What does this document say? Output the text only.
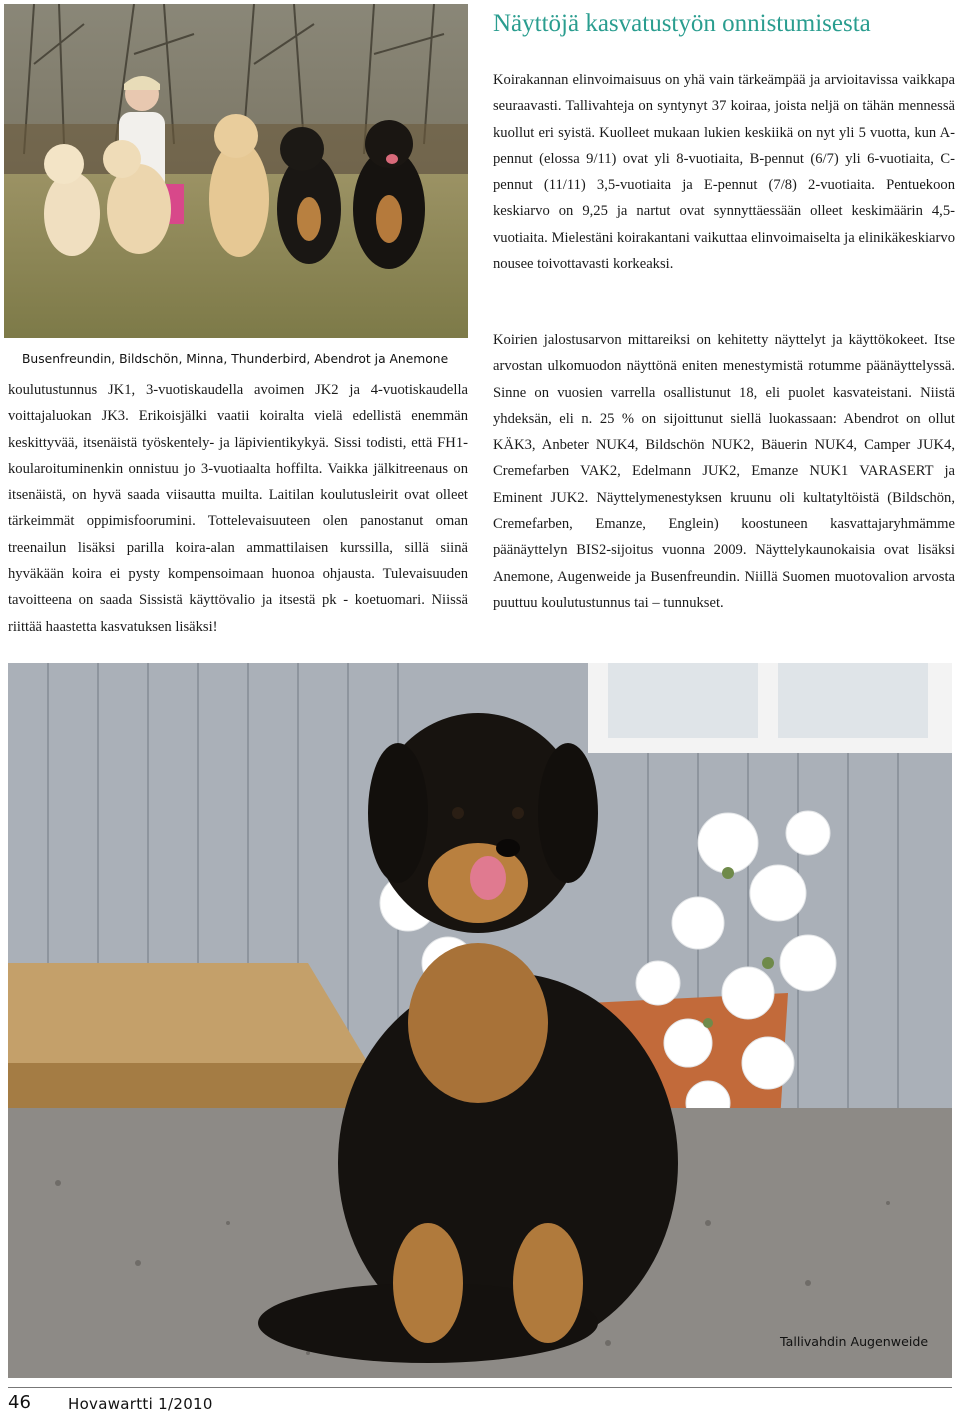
Näyttöjä kasvatustyön onnistumisesta

Koirakannan elinvoimaisuus on yhä vain tärkeämpää ja arvioitavissa vaikkapa seuraavasti. Tallivahteja on syntynyt 37 koiraa, joista neljä on tähän mennessä kuollut eri syistä. Kuolleet mukaan lukien keskiikä on nyt yli 5 vuotta, kun A-pennut (elossa 9/11) ovat yli 8-vuotiaita, B-pennut (6/7) yli 6-vuotiaita, C-pennut (11/11) 3,5-vuotiaita ja E-pennut (7/8) 2-vuotiaita. Pentuekoon keskiarvo on 9,25 ja nartut ovat synnyttäessään olleet keskimäärin 4,5-vuotiaita. Mielestäni koirakantani vaikuttaa elinvoimaiselta ja elinikäkeskiarvo nousee toivottavasti korkeaksi.

Busenfreundin, Bildschön, Minna, Thunderbird, Abendrot ja Anemone

koulutustunnus JK1, 3-vuotiskaudella avoimen JK2 ja 4-vuotiskaudella voittajaluokan JK3. Erikoisjälki vaatii koiralta vielä edellistä enemmän keskittyvää, itsenäistä työskentely- ja läpivientikykyä. Sissi todisti, että FH1-koularoituminenkin onnistuu jo 3-vuotiaalta hoffilta. Vaikka jälkitreenaus on itsenäistä, on hyvä saada viisautta muilta. Laitilan koulutusleirit ovat olleet tärkeimmät oppimisfoorumini. Tottelevaisuuteen olen panostanut oman treenailun lisäksi parilla koira-alan ammattilaisen kurssilla, sillä siinä hyväkään koira ei pysty kompensoimaan huonoa ohjausta. Tulevaisuuden tavoitteena on saada Sissistä käyttövalio ja itsestä pk - koetuomari. Niissä riittää haastetta kasvatuksen lisäksi!

Koirien jalostusarvon mittareiksi on kehitetty näyttelyt ja käyttökokeet. Itse arvostan ulkomuodon näyttönä eniten menestymistä rotumme päänäyttelyssä. Sinne on vuosien varrella osallistunut 18, eli puolet kasvateistani. Niistä yhdeksän, eli n. 25 % on sijoittunut siellä luokassaan: Abendrot on ollut KÄK3, Anbeter NUK4, Bildschön NUK2, Bäuerin NUK4, Camper JUK4, Cremefarben VAK2, Edelmann JUK2, Emanze NUK1 VARASERT ja Eminent JUK2. Näyttelymenestyksen kruunu oli kultatyltöistä (Bildschön, Cremefarben, Emanze, Englein) koostuneen kasvattajaryhmämme päänäyttelyn BIS2-sijoitus vuonna 2009. Näyttelykaunokaisia ovat lisäksi Anemone, Augenweide ja Busenfreundin. Niillä Suomen muotovalion arvosta puuttuu koulutustunnus tai – tunnukset.

Tallivahdin Augenweide
46 Hovawartti 1/2010
